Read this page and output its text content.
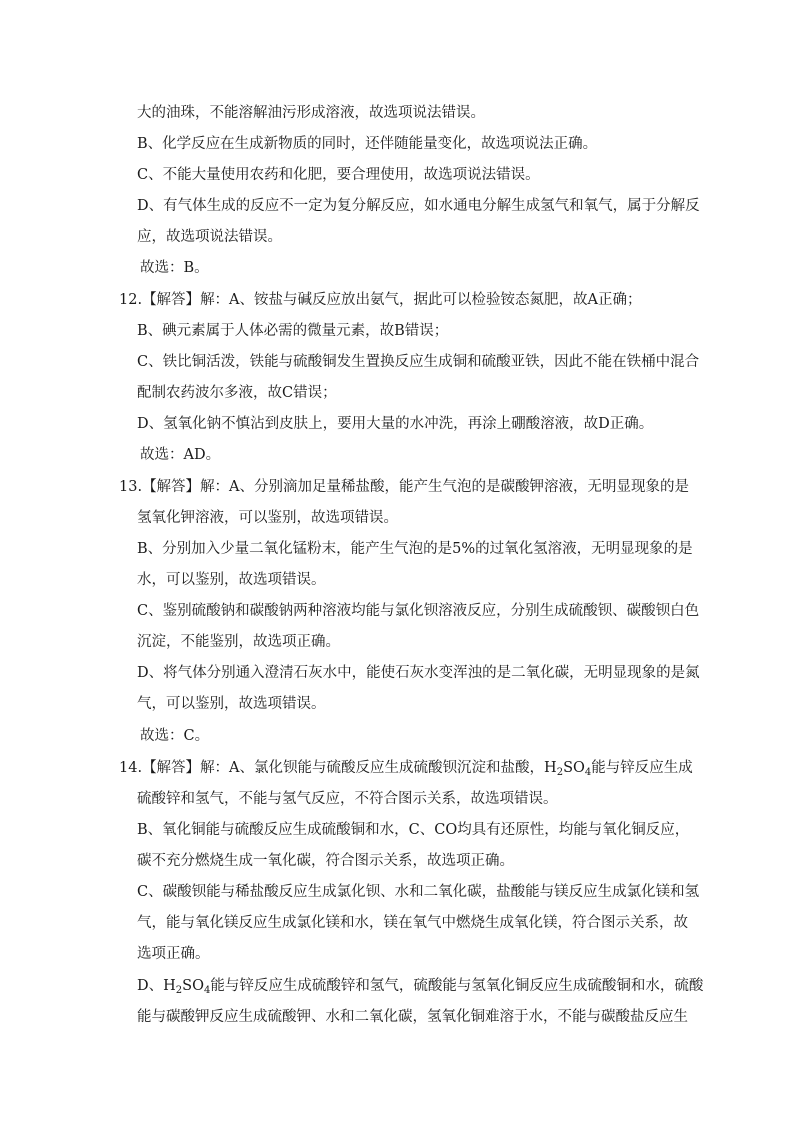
大的油珠，不能溶解油污形成溶液，故选项说法错误。
B、化学反应在生成新物质的同时，还伴随能量变化，故选项说法正确。
C、不能大量使用农药和化肥，要合理使用，故选项说法错误。
D、有气体生成的反应不一定为复分解反应，如水通电分解生成氢气和氧气，属于分解反
应，故选项说法错误。
故选：B。
12.【解答】解：A、铵盐与碱反应放出氨气，据此可以检验铵态氮肥，故A正确；
B、碘元素属于人体必需的微量元素，故B错误；
C、铁比铜活泼，铁能与硫酸铜发生置换反应生成铜和硫酸亚铁，因此不能在铁桶中混合
配制农药波尔多液，故C错误；
D、氢氧化钠不慎沾到皮肤上，要用大量的水冲洗，再涂上硼酸溶液，故D正确。
故选：AD。
13.【解答】解：A、分别滴加足量稀盐酸，能产生气泡的是碳酸钾溶液，无明显现象的是
氢氧化钾溶液，可以鉴别，故选项错误。
B、分别加入少量二氧化锰粉末，能产生气泡的是5%的过氧化氢溶液，无明显现象的是
水，可以鉴别，故选项错误。
C、鉴别硫酸钠和碳酸钠两种溶液均能与氯化钡溶液反应，分别生成硫酸钡、碳酸钡白色
沉淀，不能鉴别，故选项正确。
D、将气体分别通入澄清石灰水中，能使石灰水变浑浊的是二氧化碳，无明显现象的是氮
气，可以鉴别，故选项错误。
故选：C。
14.【解答】解：A、氯化钡能与硫酸反应生成硫酸钡沉淀和盐酸，$H_2SO_4$能与锌反应生成
硫酸锌和氢气，不能与氢气反应，不符合图示关系，故选项错误。
B、氧化铜能与硫酸反应生成硫酸铜和水，C、CO均具有还原性，均能与氧化铜反应，
碳不充分燃烧生成一氧化碳，符合图示关系，故选项正确。
C、碳酸钡能与稀盐酸反应生成氯化钡、水和二氧化碳，盐酸能与镁反应生成氯化镁和氢
气，能与氧化镁反应生成氯化镁和水，镁在氧气中燃烧生成氧化镁，符合图示关系，故
选项正确。
D、$H_2SO_4$能与锌反应生成硫酸锌和氢气，硫酸能与氢氧化铜反应生成硫酸铜和水，硫酸
能与碳酸钾反应生成硫酸钾、水和二氧化碳，氢氧化铜难溶于水，不能与碳酸盐反应生
